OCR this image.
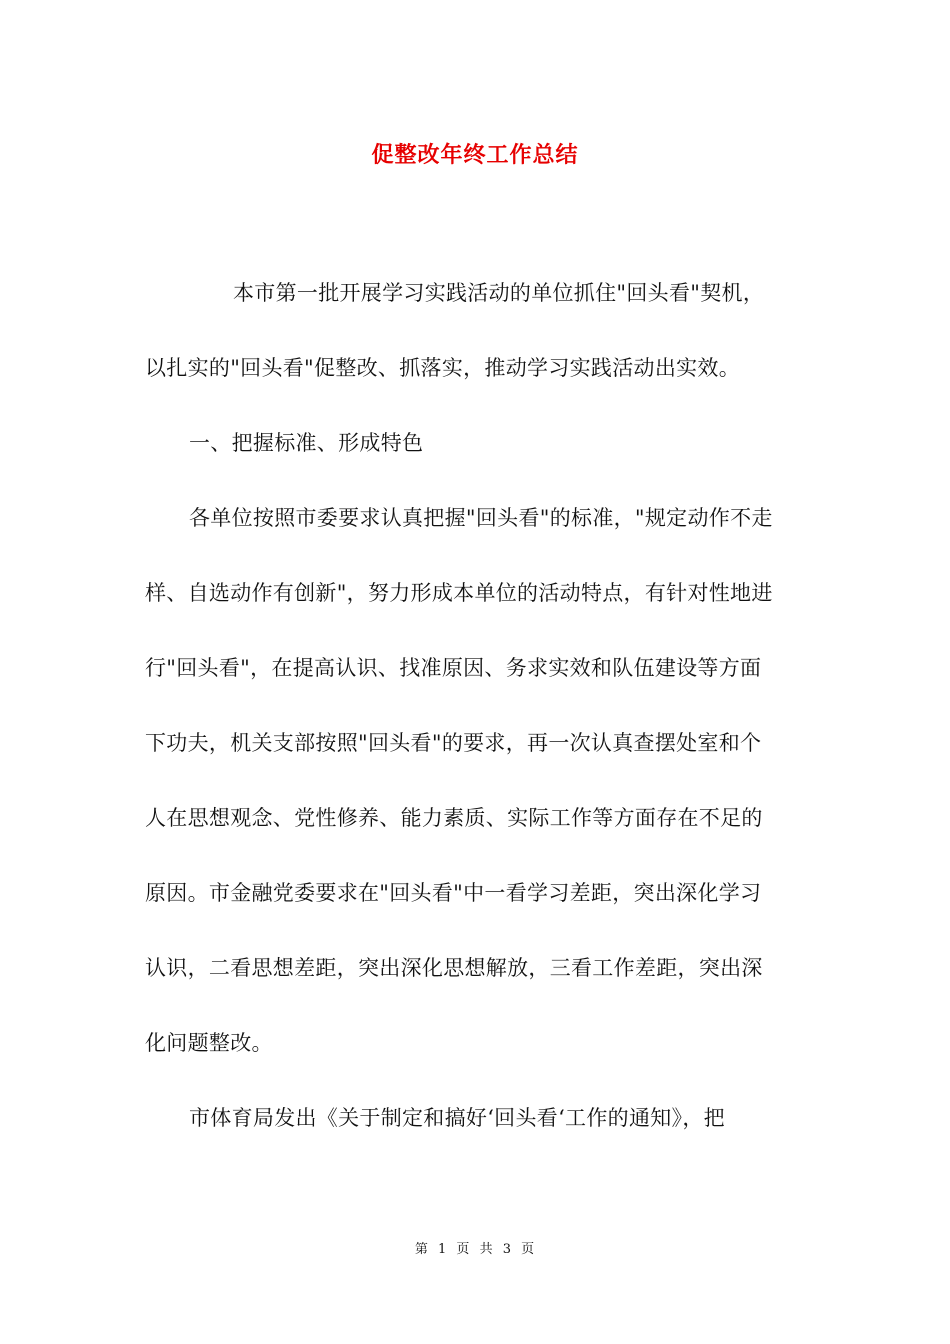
促整改年终工作总结
本市第一批开展学习实践活动的单位抓住"回头看"契机，
以扎实的"回头看"促整改、抓落实，推动学习实践活动出实效。
一、把握标准、形成特色
各单位按照市委要求认真把握"回头看"的标准，"规定动作不走
样、自选动作有创新"，努力形成本单位的活动特点，有针对性地进
行"回头看"，在提高认识、找准原因、务求实效和队伍建设等方面
下功夫，机关支部按照"回头看"的要求，再一次认真查摆处室和个
人在思想观念、党性修养、能力素质、实际工作等方面存在不足的
原因。市金融党委要求在"回头看"中一看学习差距，突出深化学习
认识，二看思想差距，突出深化思想解放，三看工作差距，突出深
化问题整改。
市体育局发出《关于制定和搞好‘回头看‘工作的通知》，把
第 1 页 共 3 页
